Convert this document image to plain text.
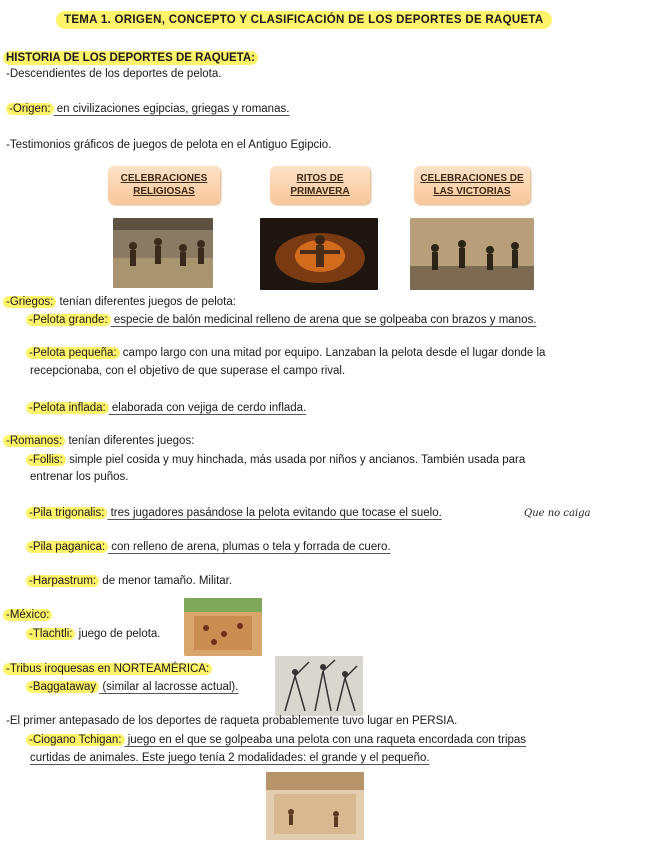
TEMA 1. ORIGEN, CONCEPTO Y CLASIFICACIÓN DE LOS DEPORTES DE RAQUETA
HISTORIA DE LOS DEPORTES DE RAQUETA:
-Descendientes de los deportes de pelota.
-Origen: en civilizaciones egipcias, griegas y romanas.
-Testimonios gráficos de juegos de pelota en el Antiguo Egipcio.
CELEBRACIONES RELIGIOSAS
RITOS DE PRIMAVERA
CELEBRACIONES DE LAS VICTORIAS
-Griegos: tenían diferentes juegos de pelota:
-Pelota grande: especie de balón medicinal relleno de arena que se golpeaba con brazos y manos.
-Pelota pequeña: campo largo con una mitad por equipo. Lanzaban la pelota desde el lugar donde la
recepcionaba, con el objetivo de que superase el campo rival.
-Pelota inflada: elaborada con vejiga de cerdo inflada.
-Romanos: tenían diferentes juegos:
-Follis: simple piel cosida y muy hinchada, más usada por niños y ancianos. También usada para
entrenar los puños.
-Pila trigonalis: tres jugadores pasándose la pelota evitando que tocase el suelo.	Que no caiga
-Pila paganica: con relleno de arena, plumas o tela y forrada de cuero.
-Harpastrum: de menor tamaño. Militar.
-México:
-Tlachtli: juego de pelota.
-Tribus iroquesas en NORTEAMÉRICA:
-Baggataway (similar al lacrosse actual).
-El primer antepasado de los deportes de raqueta probablemente tuvo lugar en PERSIA.
-Ciogano Tchigan: juego en el que se golpeaba una pelota con una raqueta encordada con tripas
curtidas de animales. Este juego tenía 2 modalidades: el grande y el pequeño.
